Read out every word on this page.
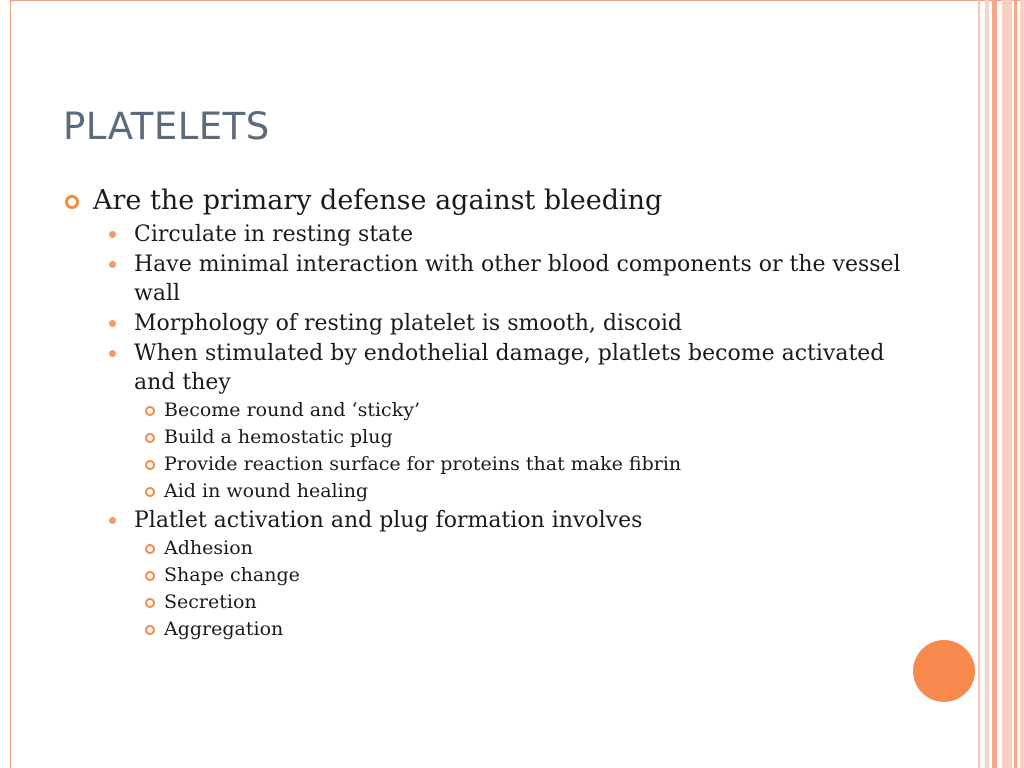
PLATELETS
Are the primary defense against bleeding
Circulate in resting state
Have minimal interaction with other blood components or the vessel wall
Morphology of resting platelet is smooth, discoid
When stimulated by endothelial damage, platlets become activated and they
Become round and ‘sticky’
Build a hemostatic plug
Provide reaction surface for proteins that make fibrin
Aid in wound healing
Platlet activation and plug formation involves
Adhesion
Shape change
Secretion
Aggregation
